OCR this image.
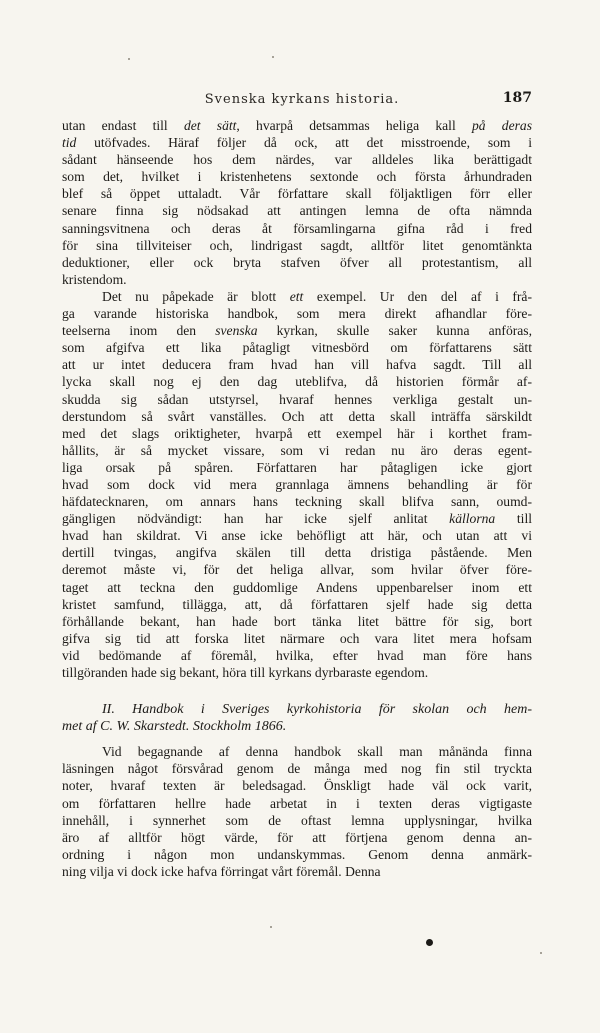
Svenska kyrkans historia.	187
utan endast till det sätt, hvarpå detsammas heliga kall på deras
tid utöfvades. Häraf följer då ock, att det misstroende, som i
sådant hänseende hos dem närdes, var alldeles lika berättigadt
som det, hvilket i kristenhetens sextonde och första århundraden
blef så öppet uttaladt. Vår författare skall följaktligen förr eller
senare finna sig nödsakad att antingen lemna de ofta nämnda
sanningsvitnena och deras åt församlingarna gifna råd i fred
för sina tillviteiser och, lindrigast sagdt, alltför litet genomtänkta
deduktioner, eller ock bryta stafven öfver all protestantism, all
kristendom.
Det nu påpekade är blott ett exempel. Ur den del af i frå-
ga varande historiska handbok, som mera direkt afhandlar före-
teelserna inom den svenska kyrkan, skulle saker kunna anföras,
som afgifva ett lika påtagligt vitnesbörd om författarens sätt
att ur intet deducera fram hvad han vill hafva sagdt. Till all
lycka skall nog ej den dag uteblifva, då historien förmår af-
skudda sig sådan utstyrsel, hvaraf hennes verkliga gestalt un-
derstundom så svårt vanställes. Och att detta skall inträffa särskildt
med det slags oriktigheter, hvarpå ett exempel här i korthet fram-
hållits, är så mycket vissare, som vi redan nu äro deras egent-
liga orsak på spåren. Författaren har påtagligen icke gjort
hvad som dock vid mera grannlaga ämnens behandling är för
häfdatecknaren, om annars hans teckning skall blifva sann, oumd-
gängligen nödvändigt: han har icke sjelf anlitat källorna till
hvad han skildrat. Vi anse icke behöfligt att här, och utan att vi
dertill tvingas, angifva skälen till detta dristiga påstående. Men
deremot måste vi, för det heliga allvar, som hvilar öfver före-
taget att teckna den guddomlige Andens uppenbarelser inom ett
kristet samfund, tillägga, att, då författaren sjelf hade sig detta
förhållande bekant, han hade bort tänka litet bättre för sig, bort
gifva sig tid att forska litet närmare och vara litet mera hofsam
vid bedömande af föremål, hvilka, efter hvad man före hans
tillgöranden hade sig bekant, höra till kyrkans dyrbaraste egendom.
II. Handbok i Sveriges kyrkohistoria för skolan och hem-
met af C. W. Skarstedt. Stockholm 1866.
Vid begagnande af denna handbok skall man månända finna
läsningen något försvårad genom de många med nog fin stil tryckta
noter, hvaraf texten är beledsagad. Önskligt hade väl ock varit,
om författaren hellre hade arbetat in i texten deras vigtigaste
innehåll, i synnerhet som de oftast lemna upplysningar, hvilka
äro af alltför högt värde, för att förtjena genom denna an-
ordning i någon mon undanskymmas. Genom denna anmärk-
ning vilja vi dock icke hafva förringat vårt föremål. Denna
